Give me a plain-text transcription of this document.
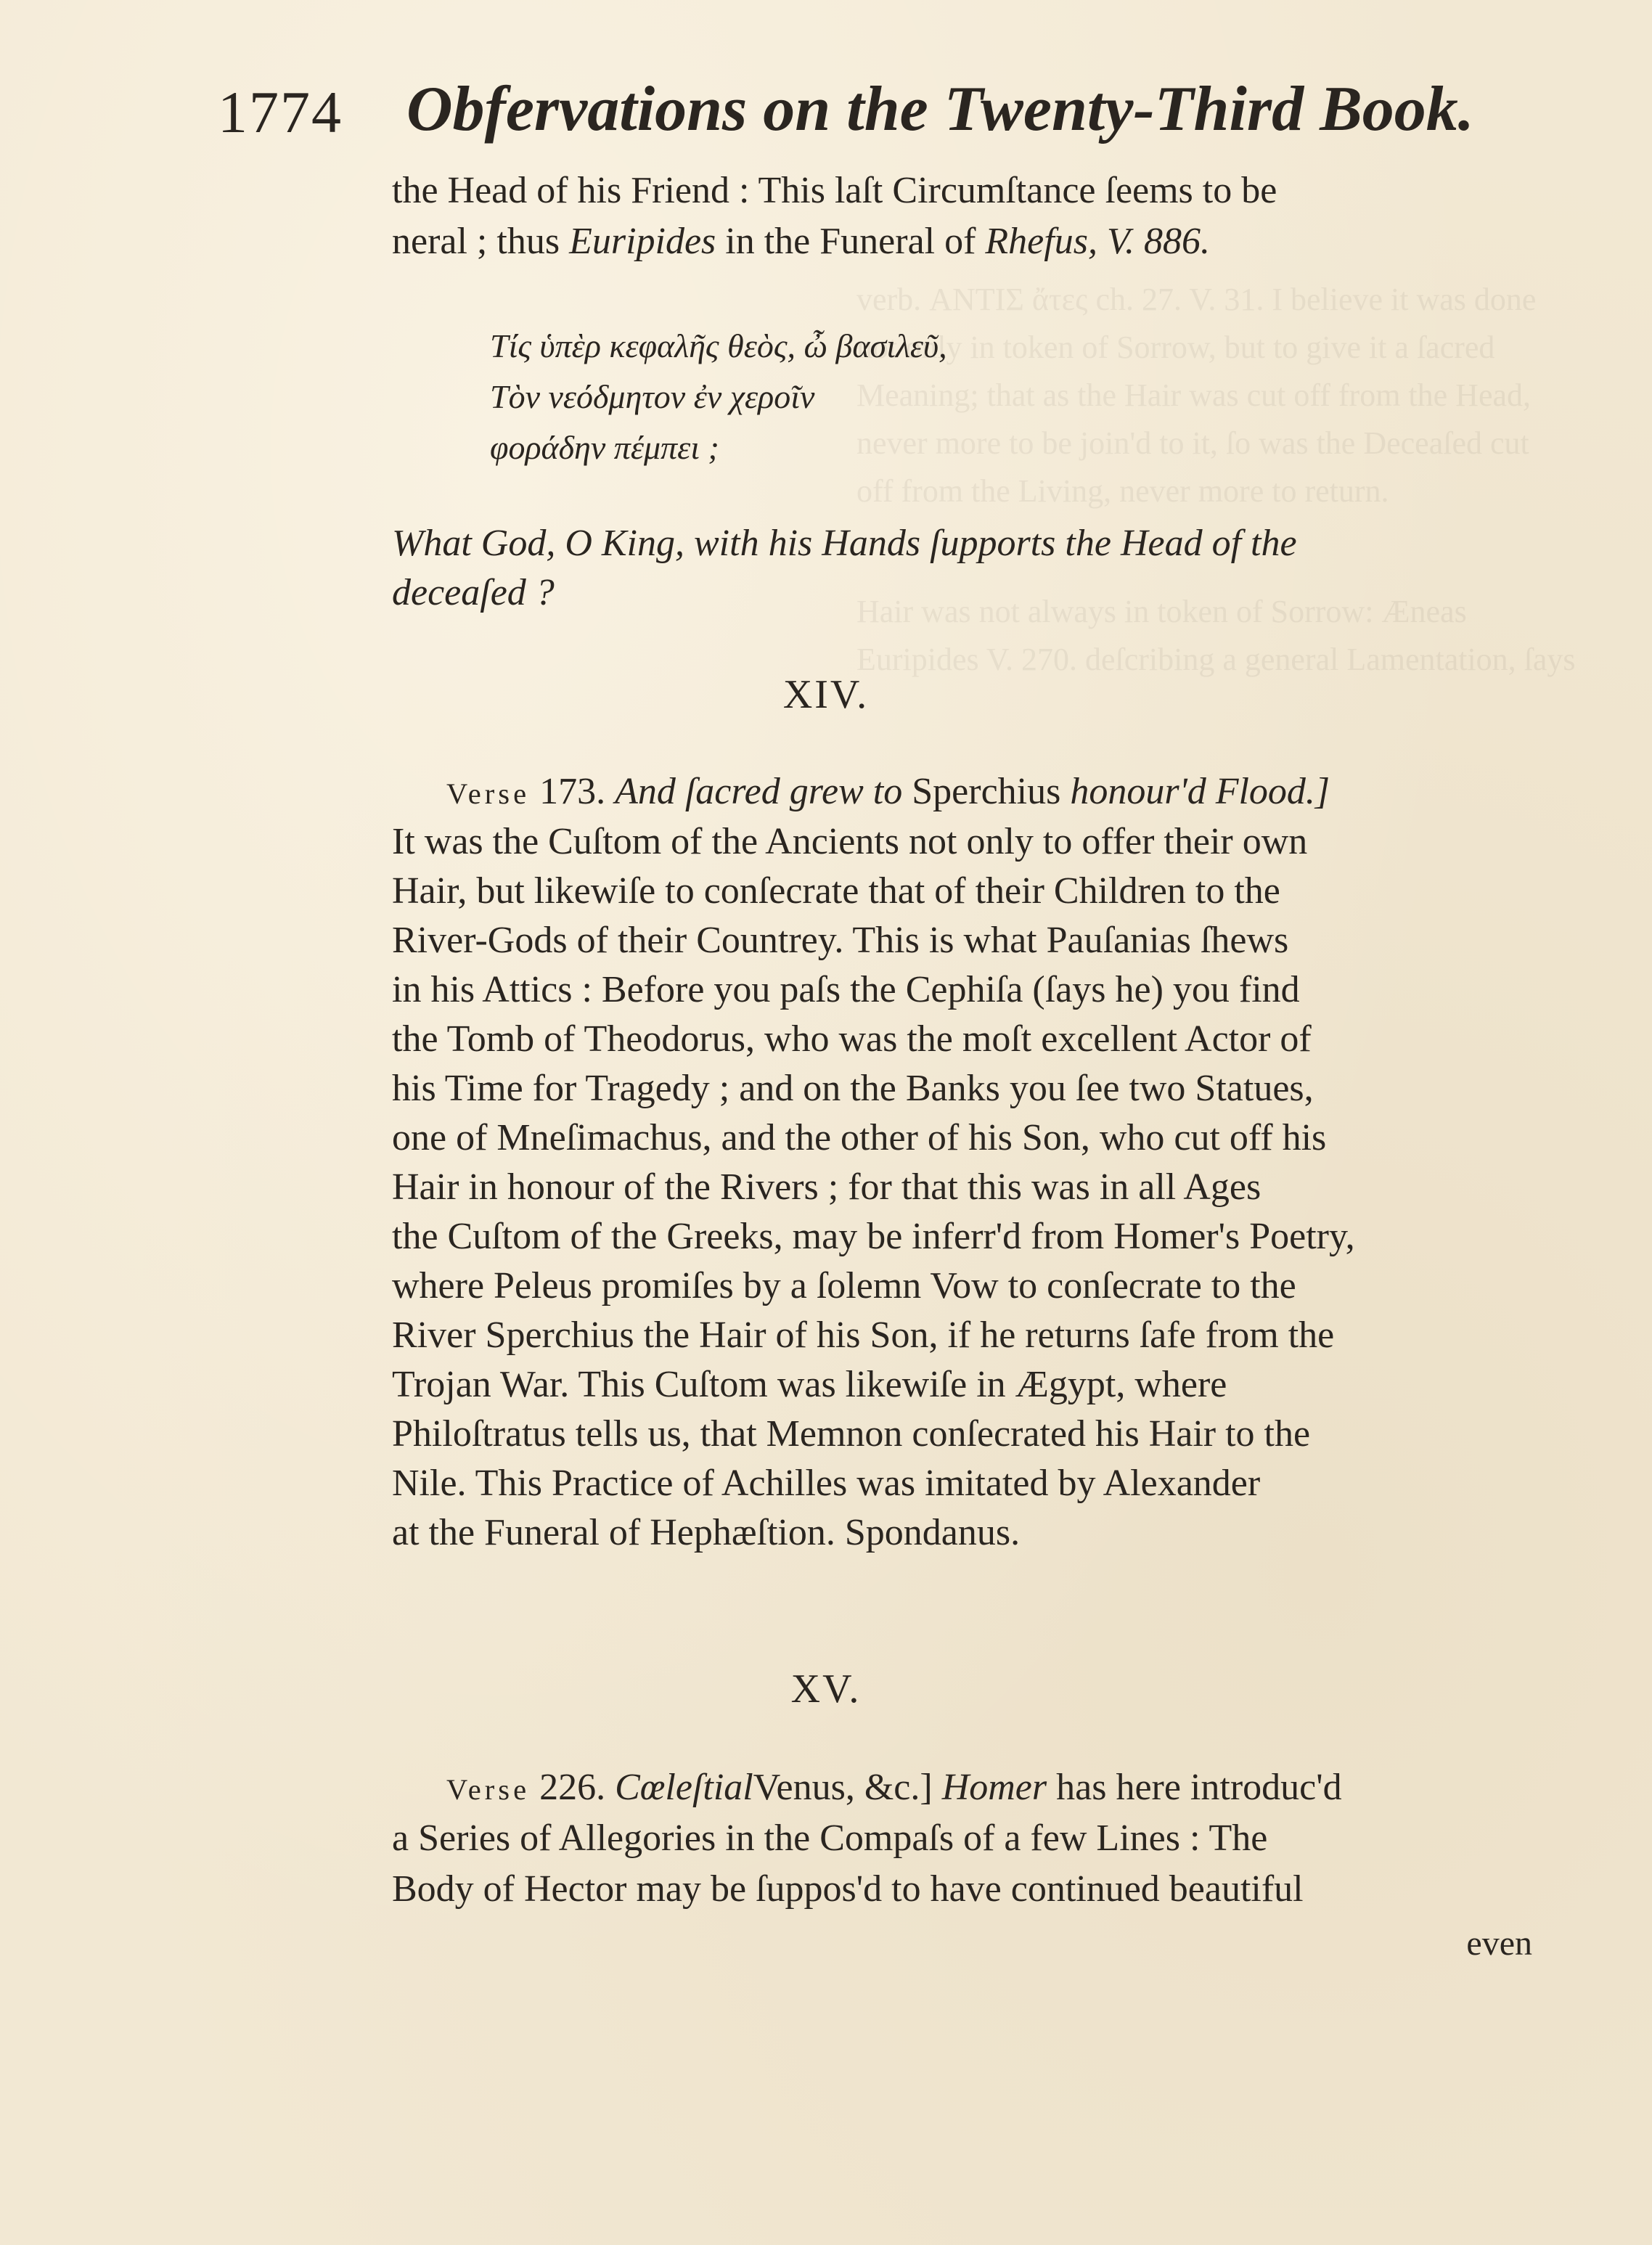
verb. ΑΝΤΙΣ ἄτες ch. 27. V. 31. I believe it was done
not only in token of Sorrow, but to give it a ſacred
Meaning; that as the Hair was cut off from the Head,
never more to be join'd to it, ſo was the Deceaſed cut
off from the Living, never more to return.
Hair was not always in token of Sorrow: Æneas
Euripides V. 270. deſcribing a general Lamentation, ſays
1774 Obfervations on the Twenty-Third Book.
the Head of his Friend : This laſt Circumſtance ſeems to be
neral ; thus Euripides in the Funeral of Rhefus, V. 886.
Τίς ὑπὲρ κεφαλῆς θεὸς, ὦ βασιλεῦ,
Τὸν νεόδμητον ἐν χεροῖν
φοράδην πέμπει ;
What God, O King, with his Hands ſupports the Head of the
deceaſed ?
XIV.
Verse 173. And ſacred grew to Sperchius honour'd Flood.]
It was the Cuſtom of the Ancients not only to offer their own
Hair, but likewiſe to conſecrate that of their Children to the
River-Gods of their Countrey. This is what Pauſanias ſhews
in his Attics : Before you paſs the Cephiſa (ſays he) you find
the Tomb of Theodorus, who was the moſt excellent Actor of
his Time for Tragedy ; and on the Banks you ſee two Statues,
one of Mneſimachus, and the other of his Son, who cut off his
Hair in honour of the Rivers ; for that this was in all Ages
the Cuſtom of the Greeks, may be inferr'd from Homer's Poetry,
where Peleus promiſes by a ſolemn Vow to conſecrate to the
River Sperchius the Hair of his Son, if he returns ſafe from the
Trojan War. This Cuſtom was likewiſe in Ægypt, where
Philoſtratus tells us, that Memnon conſecrated his Hair to the
Nile. This Practice of Achilles was imitated by Alexander
at the Funeral of Hephæſtion. Spondanus.
XV.
Verse 226. CœleſtialVenus, &c.] Homer has here introduc'd
a Series of Allegories in the Compaſs of a few Lines : The
Body of Hector may be ſuppos'd to have continued beautiful
even
